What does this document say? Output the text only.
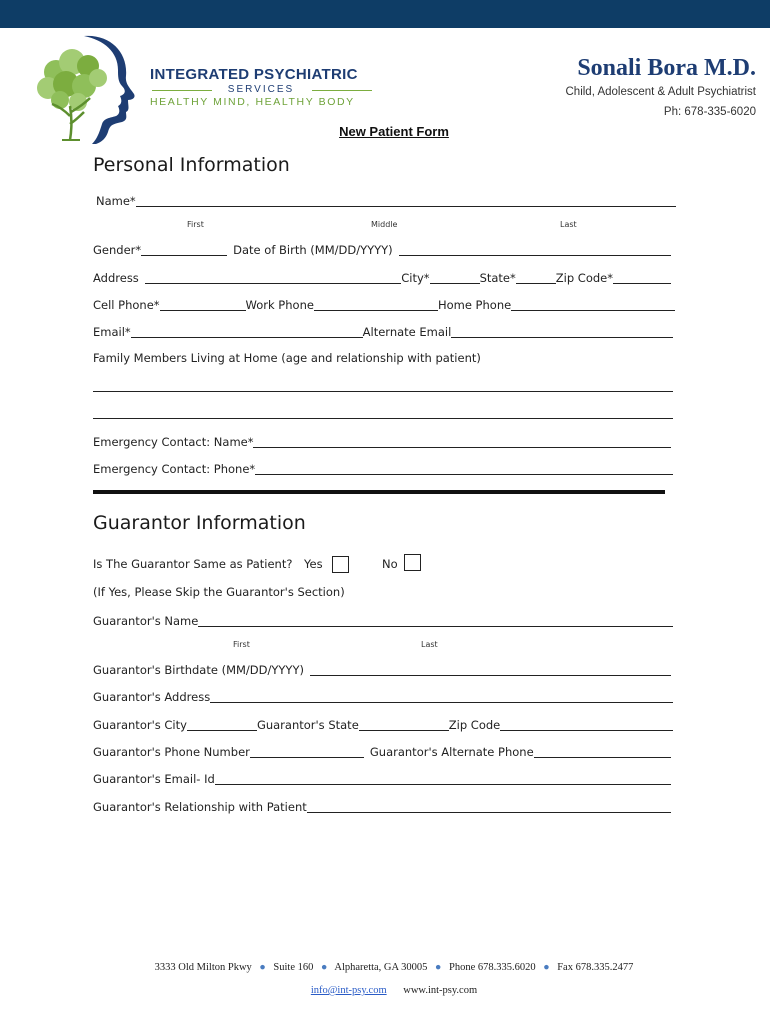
INTEGRATED PSYCHIATRIC
SERVICES
HEALTHY MIND, HEALTHY BODY
Sonali Bora M.D.
Child, Adolescent & Adult Psychiatrist
Ph: 678-335-6020
New Patient Form
Personal Information
Name*
First	Middle	Last
Gender*	Date of Birth (MM/DD/YYYY)
Address	City*	State*	Zip Code*
Cell Phone*	Work Phone	Home Phone
Email*	Alternate Email
Family Members Living at Home (age and relationship with patient)
Emergency Contact: Name*
Emergency Contact: Phone*
Guarantor Information
Is The Guarantor Same as Patient? Yes	No
(If Yes, Please Skip the Guarantor's Section)
Guarantor's Name
First	Last
Guarantor's Birthdate (MM/DD/YYYY)
Guarantor's Address
Guarantor's City	Guarantor's State	Zip Code
Guarantor's Phone Number	Guarantor's Alternate Phone
Guarantor's Email- Id
Guarantor's Relationship with Patient
3333 Old Milton Pkwy ● Suite 160 ● Alpharetta, GA 30005 ● Phone 678.335.6020 ● Fax 678.335.2477
info@int-psy.com www.int-psy.com
